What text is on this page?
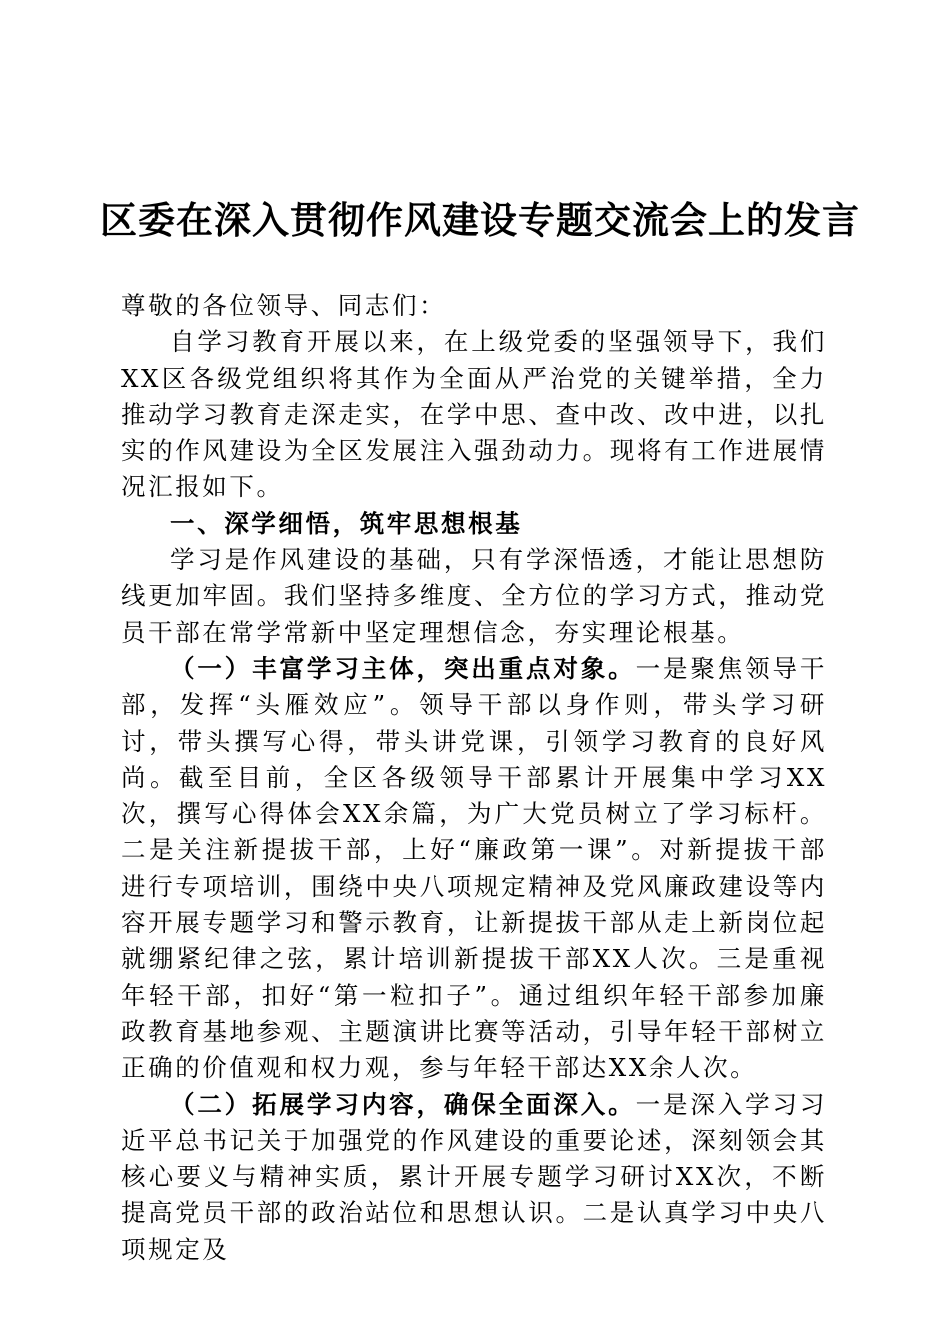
区委在深入贯彻作风建设专题交流会上的发言

尊敬的各位领导、同志们：

自学习教育开展以来，在上级党委的坚强领导下，我们XX区各级党组织将其作为全面从严治党的关键举措，全力推动学习教育走深走实，在学中思、查中改、改中进，以扎实的作风建设为全区发展注入强劲动力。现将有工作进展情况汇报如下。

一、深学细悟，筑牢思想根基

学习是作风建设的基础，只有学深悟透，才能让思想防线更加牢固。我们坚持多维度、全方位的学习方式，推动党员干部在常学常新中坚定理想信念，夯实理论根基。

（一）丰富学习主体，突出重点对象。一是聚焦领导干部，发挥“头雁效应”。领导干部以身作则，带头学习研讨，带头撰写心得，带头讲党课，引领学习教育的良好风尚。截至目前，全区各级领导干部累计开展集中学习XX次，撰写心得体会XX余篇，为广大党员树立了学习标杆。二是关注新提拔干部，上好“廉政第一课”。对新提拔干部进行专项培训，围绕中央八项规定精神及党风廉政建设等内容开展专题学习和警示教育，让新提拔干部从走上新岗位起就绷紧纪律之弦，累计培训新提拔干部XX人次。三是重视年轻干部，扣好“第一粒扣子”。通过组织年轻干部参加廉政教育基地参观、主题演讲比赛等活动，引导年轻干部树立正确的价值观和权力观，参与年轻干部达XX余人次。

（二）拓展学习内容，确保全面深入。一是深入学习习近平总书记关于加强党的作风建设的重要论述，深刻领会其核心要义与精神实质，累计开展专题学习研讨XX次，不断提高党员干部的政治站位和思想认识。二是认真学习中央八项规定及
